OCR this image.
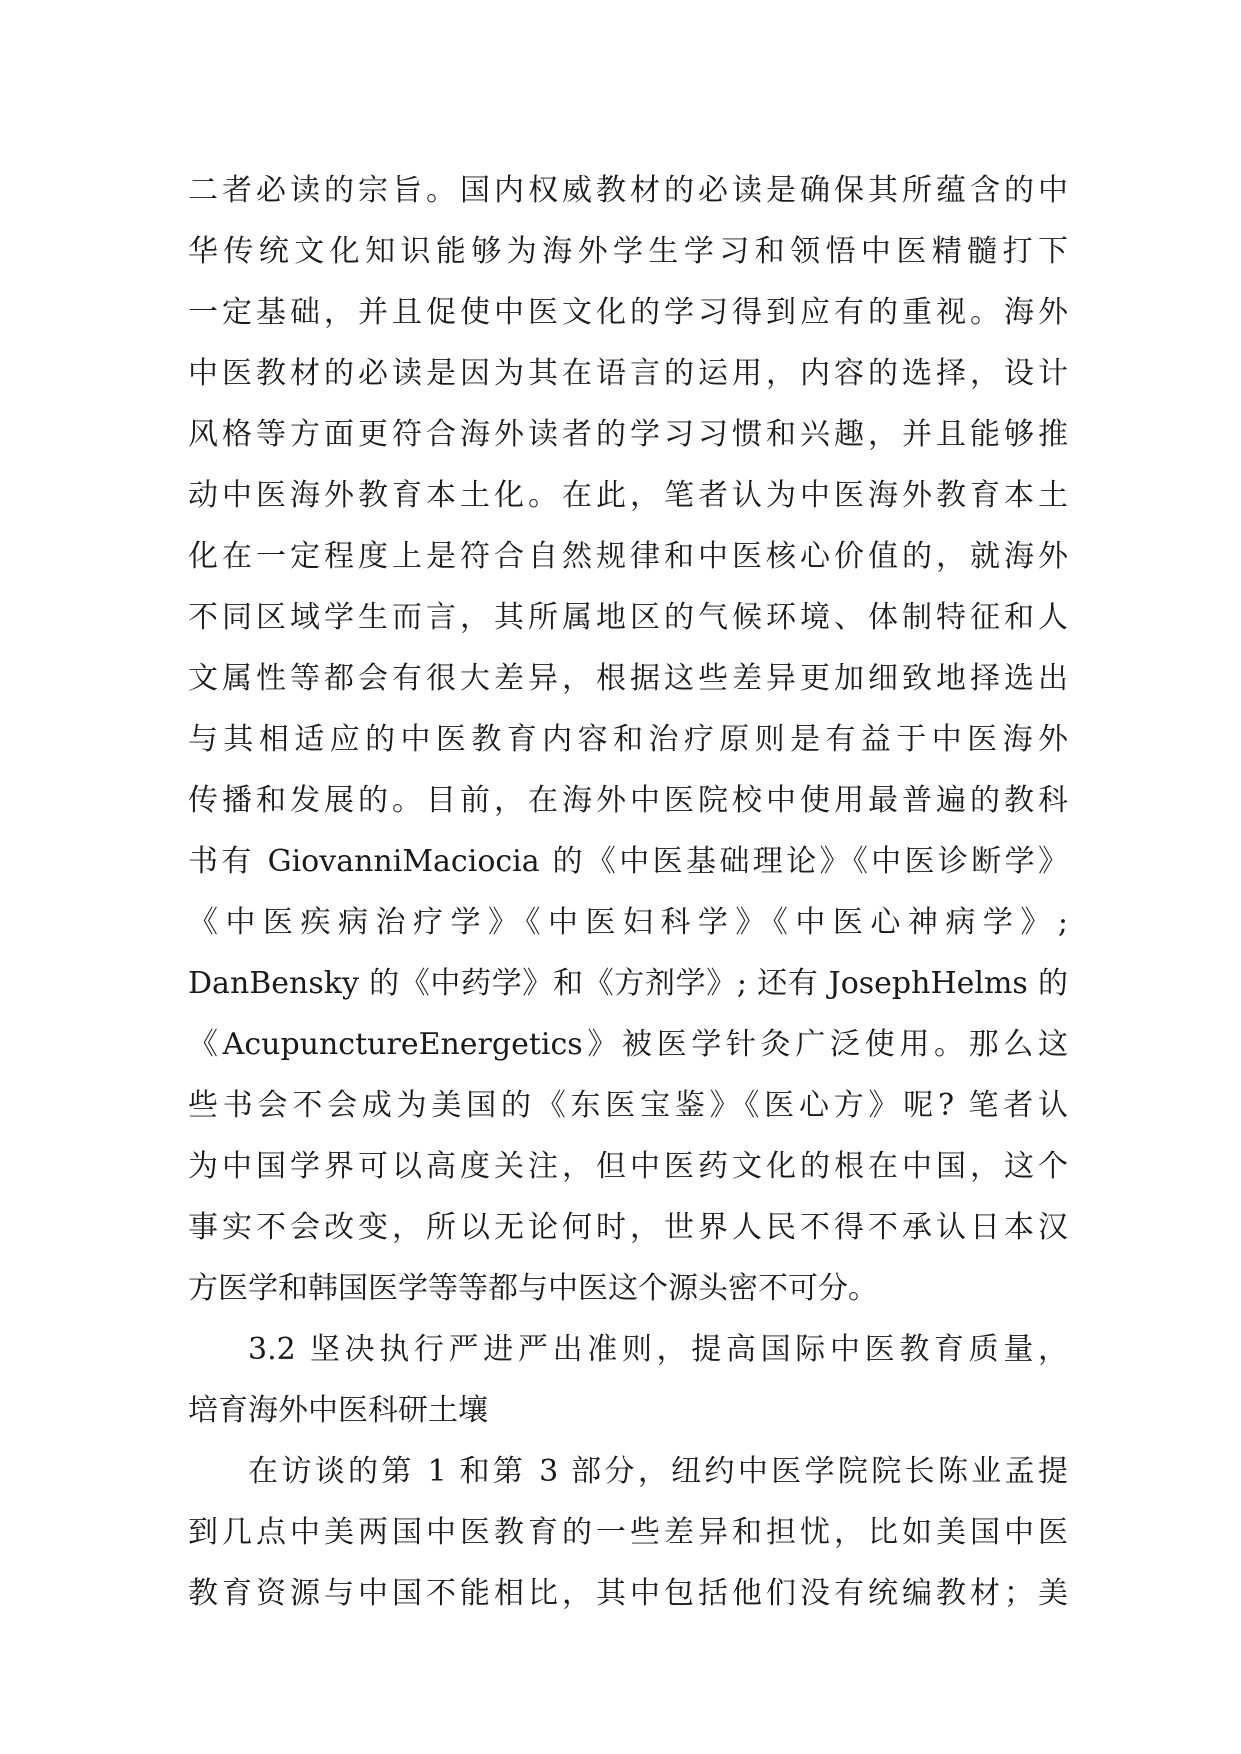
二者必读的宗旨。国内权威教材的必读是确保其所蕴含的中
华传统文化知识能够为海外学生学习和领悟中医精髓打下
一定基础，并且促使中医文化的学习得到应有的重视。海外
中医教材的必读是因为其在语言的运用，内容的选择，设计
风格等方面更符合海外读者的学习习惯和兴趣，并且能够推
动中医海外教育本土化。在此，笔者认为中医海外教育本土
化在一定程度上是符合自然规律和中医核心价值的，就海外
不同区域学生而言，其所属地区的气候环境、体制特征和人
文属性等都会有很大差异，根据这些差异更加细致地择选出
与其相适应的中医教育内容和治疗原则是有益于中医海外
传播和发展的。目前，在海外中医院校中使用最普遍的教科
书有 GiovanniMaciocia 的《中医基础理论》《中医诊断学》
《中医疾病治疗学》《中医妇科学》《中医心神病学》;
DanBensky 的《中药学》和《方剂学》; 还有 JosephHelms 的
《AcupunctureEnergetics》被医学针灸广泛使用。那么这
些书会不会成为美国的《东医宝鉴》《医心方》呢? 笔者认
为中国学界可以高度关注，但中医药文化的根在中国，这个
事实不会改变，所以无论何时，世界人民不得不承认日本汉
方医学和韩国医学等等都与中医这个源头密不可分。
3.2 坚决执行严进严出准则，提高国际中医教育质量，
培育海外中医科研土壤
在访谈的第 1 和第 3 部分，纽约中医学院院长陈业孟提
到几点中美两国中医教育的一些差异和担忧，比如美国中医
教育资源与中国不能相比，其中包括他们没有统编教材；美
